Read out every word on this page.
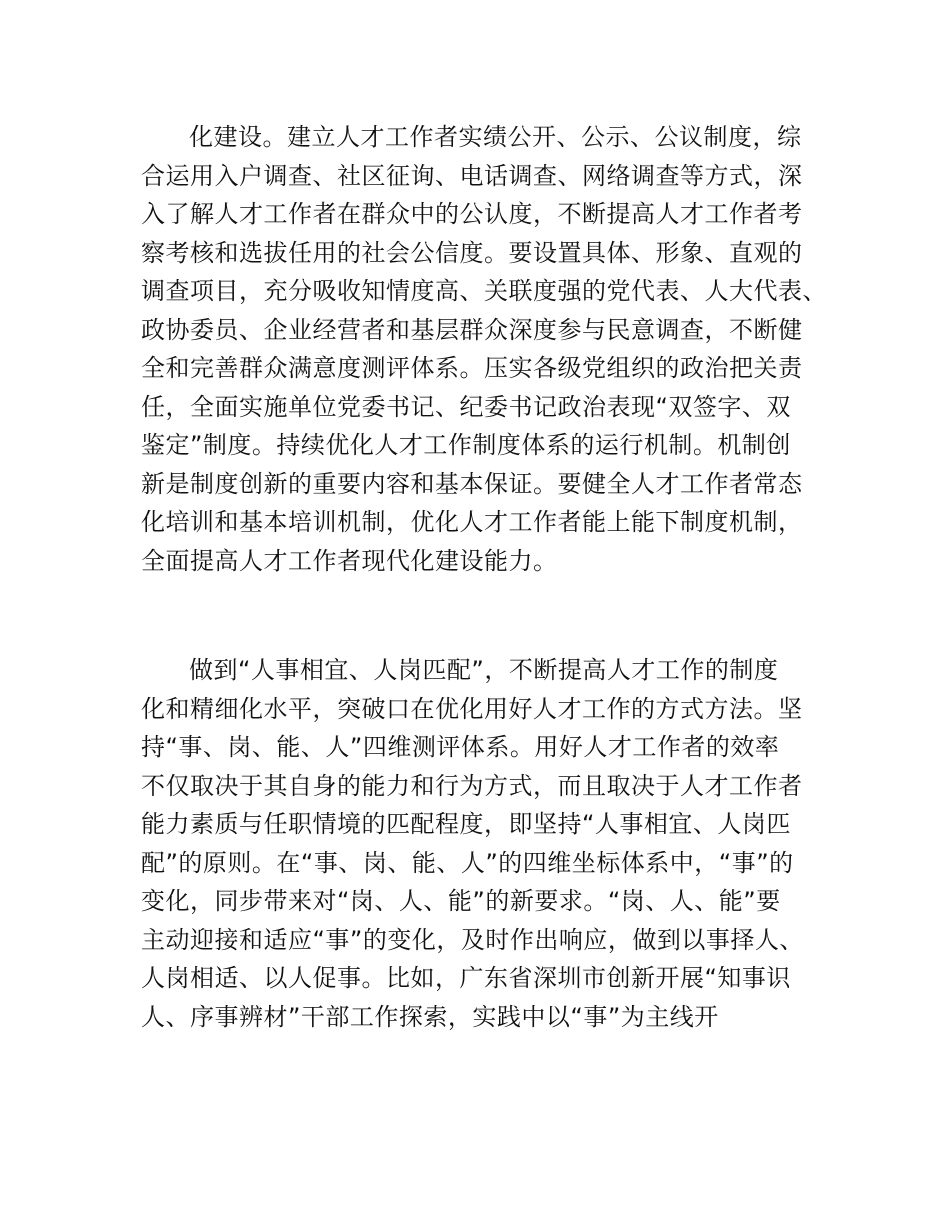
化建设。建立人才工作者实绩公开、公示、公议制度，综
合运用入户调查、社区征询、电话调查、网络调查等方式，深
入了解人才工作者在群众中的公认度，不断提高人才工作者考
察考核和选拔任用的社会公信度。要设置具体、形象、直观的
调查项目，充分吸收知情度高、关联度强的党代表、人大代表、
政协委员、企业经营者和基层群众深度参与民意调查，不断健
全和完善群众满意度测评体系。压实各级党组织的政治把关责
任，全面实施单位党委书记、纪委书记政治表现“双签字、双
鉴定”制度。持续优化人才工作制度体系的运行机制。机制创
新是制度创新的重要内容和基本保证。要健全人才工作者常态
化培训和基本培训机制，优化人才工作者能上能下制度机制，
全面提高人才工作者现代化建设能力。
做到“人事相宜、人岗匹配”，不断提高人才工作的制度
化和精细化水平，突破口在优化用好人才工作的方式方法。坚
持“事、岗、能、人”四维测评体系。用好人才工作者的效率
不仅取决于其自身的能力和行为方式，而且取决于人才工作者
能力素质与任职情境的匹配程度，即坚持“人事相宜、人岗匹
配”的原则。在“事、岗、能、人”的四维坐标体系中，“事”的
变化，同步带来对“岗、人、能”的新要求。“岗、人、能”要
主动迎接和适应“事”的变化，及时作出响应，做到以事择人、
人岗相适、以人促事。比如，广东省深圳市创新开展“知事识
人、序事辨材”干部工作探索，实践中以“事”为主线开
